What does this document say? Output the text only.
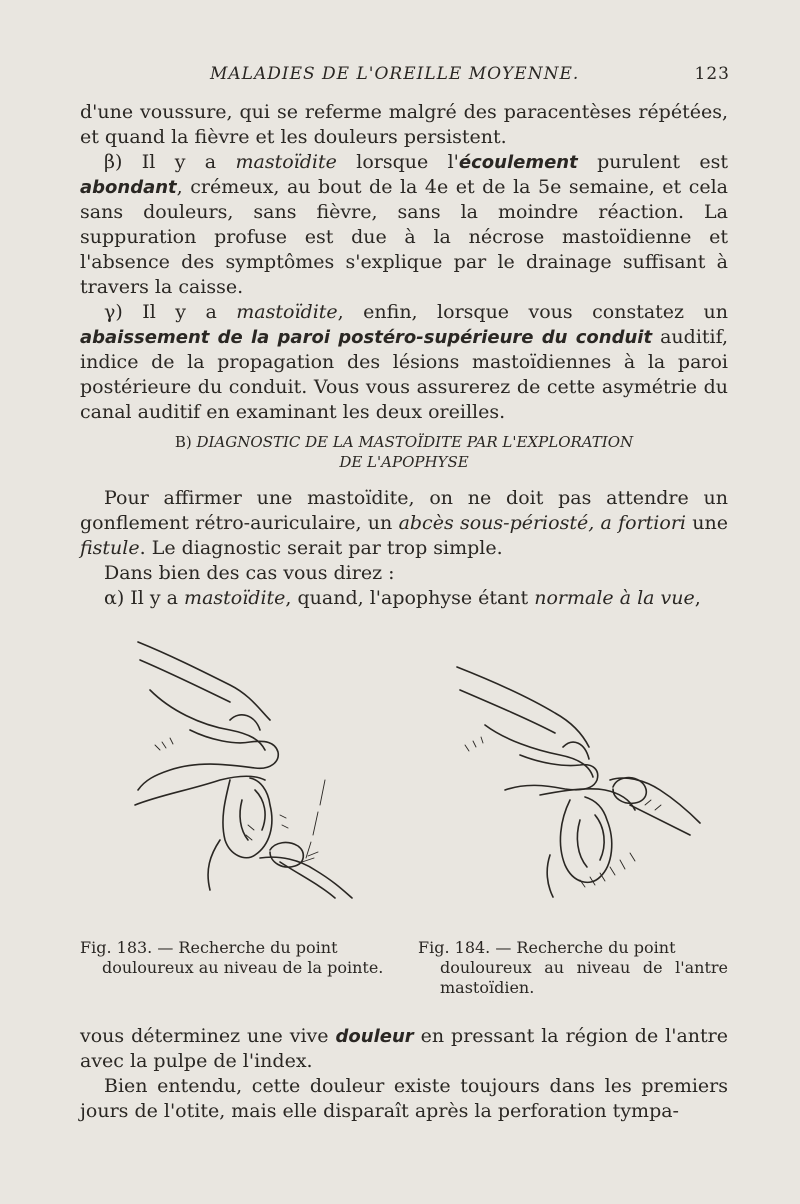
MALADIES DE L'OREILLE MOYENNE.	123

d'une voussure, qui se referme malgré des paracentèses répétées, et quand la fièvre et les douleurs persistent.

β) Il y a mastoïdite lorsque l'écoulement purulent est abondant, crémeux, au bout de la 4e et de la 5e semaine, et cela sans douleurs, sans fièvre, sans la moindre réaction. La suppuration profuse est due à la nécrose mastoïdienne et l'absence des symptômes s'explique par le drainage suffisant à travers la caisse.

γ) Il y a mastoïdite, enfin, lorsque vous constatez un abaissement de la paroi postéro-supérieure du conduit auditif, indice de la propagation des lésions mastoïdiennes à la paroi postérieure du conduit. Vous vous assurerez de cette asymétrie du canal auditif en examinant les deux oreilles.

B) DIAGNOSTIC DE LA MASTOÏDITE PAR L'EXPLORATION
DE L'APOPHYSE

Pour affirmer une mastoïdite, on ne doit pas attendre un gonflement rétro-auriculaire, un abcès sous-périosté, a fortiori une fistule. Le diagnostic serait par trop simple.

Dans bien des cas vous direz :

α) Il y a mastoïdite, quand, l'apophyse étant normale à la vue,

Fig. 183. — Recherche du point
douloureux au niveau de la pointe.
Fig. 184. — Recherche du point
douloureux au niveau de l'antre mastoïdien.

vous déterminez une vive douleur en pressant la région de l'antre avec la pulpe de l'index.

Bien entendu, cette douleur existe toujours dans les premiers jours de l'otite, mais elle disparaît après la perforation tympa-
